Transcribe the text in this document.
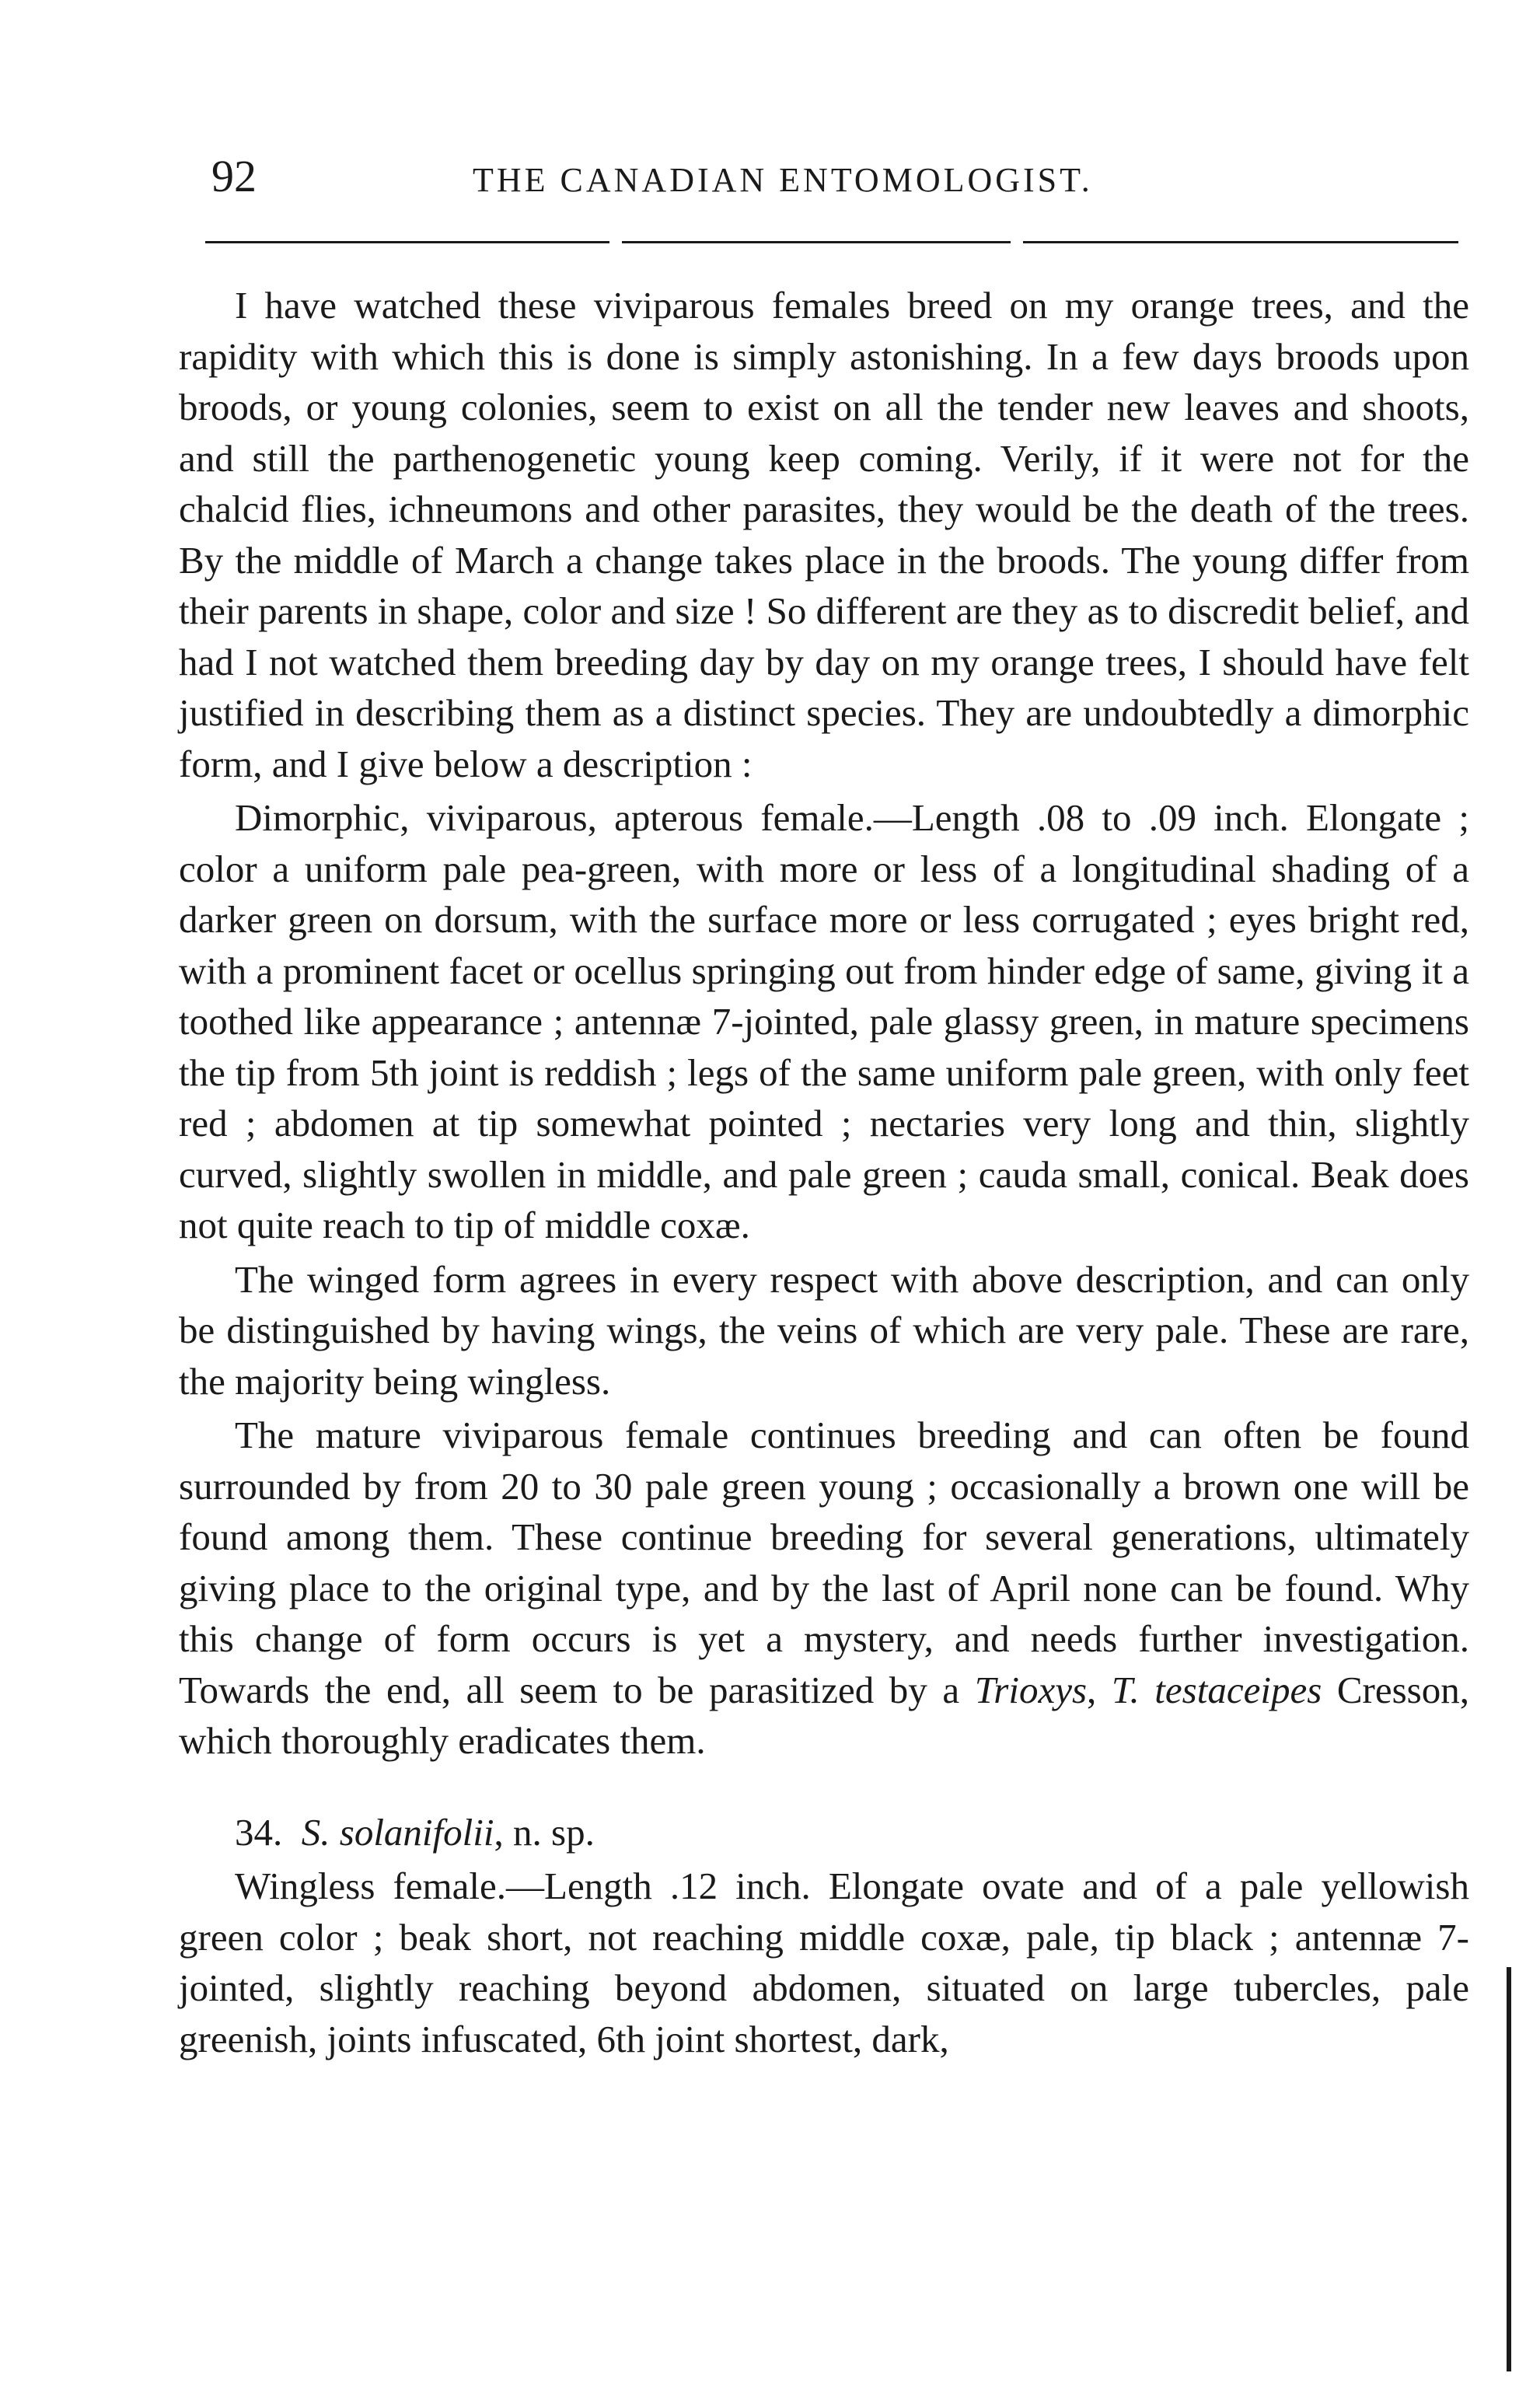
92	THE CANADIAN ENTOMOLOGIST.

I have watched these viviparous females breed on my orange trees, and the rapidity with which this is done is simply astonishing. In a few days broods upon broods, or young colonies, seem to exist on all the tender new leaves and shoots, and still the parthenogenetic young keep coming. Verily, if it were not for the chalcid flies, ichneumons and other parasites, they would be the death of the trees. By the middle of March a change takes place in the broods. The young differ from their parents in shape, color and size ! So different are they as to discredit belief, and had I not watched them breeding day by day on my orange trees, I should have felt justified in describing them as a distinct species. They are undoubtedly a dimorphic form, and I give below a description :

Dimorphic, viviparous, apterous female.—Length .08 to .09 inch. Elongate ; color a uniform pale pea-green, with more or less of a longitudinal shading of a darker green on dorsum, with the surface more or less corrugated ; eyes bright red, with a prominent facet or ocellus springing out from hinder edge of same, giving it a toothed like appearance ; antennæ 7-jointed, pale glassy green, in mature specimens the tip from 5th joint is reddish ; legs of the same uniform pale green, with only feet red ; abdomen at tip somewhat pointed ; nectaries very long and thin, slightly curved, slightly swollen in middle, and pale green ; cauda small, conical. Beak does not quite reach to tip of middle coxæ.

The winged form agrees in every respect with above description, and can only be distinguished by having wings, the veins of which are very pale. These are rare, the majority being wingless.

The mature viviparous female continues breeding and can often be found surrounded by from 20 to 30 pale green young ; occasionally a brown one will be found among them. These continue breeding for several generations, ultimately giving place to the original type, and by the last of April none can be found. Why this change of form occurs is yet a mystery, and needs further investigation. Towards the end, all seem to be parasitized by a Trioxys, T. testaceipes Cresson, which thoroughly eradicates them.

34. S. solanifolii, n. sp.

Wingless female.—Length .12 inch. Elongate ovate and of a pale yellowish green color ; beak short, not reaching middle coxæ, pale, tip black ; antennæ 7-jointed, slightly reaching beyond abdomen, situated on large tubercles, pale greenish, joints infuscated, 6th joint shortest, dark,
